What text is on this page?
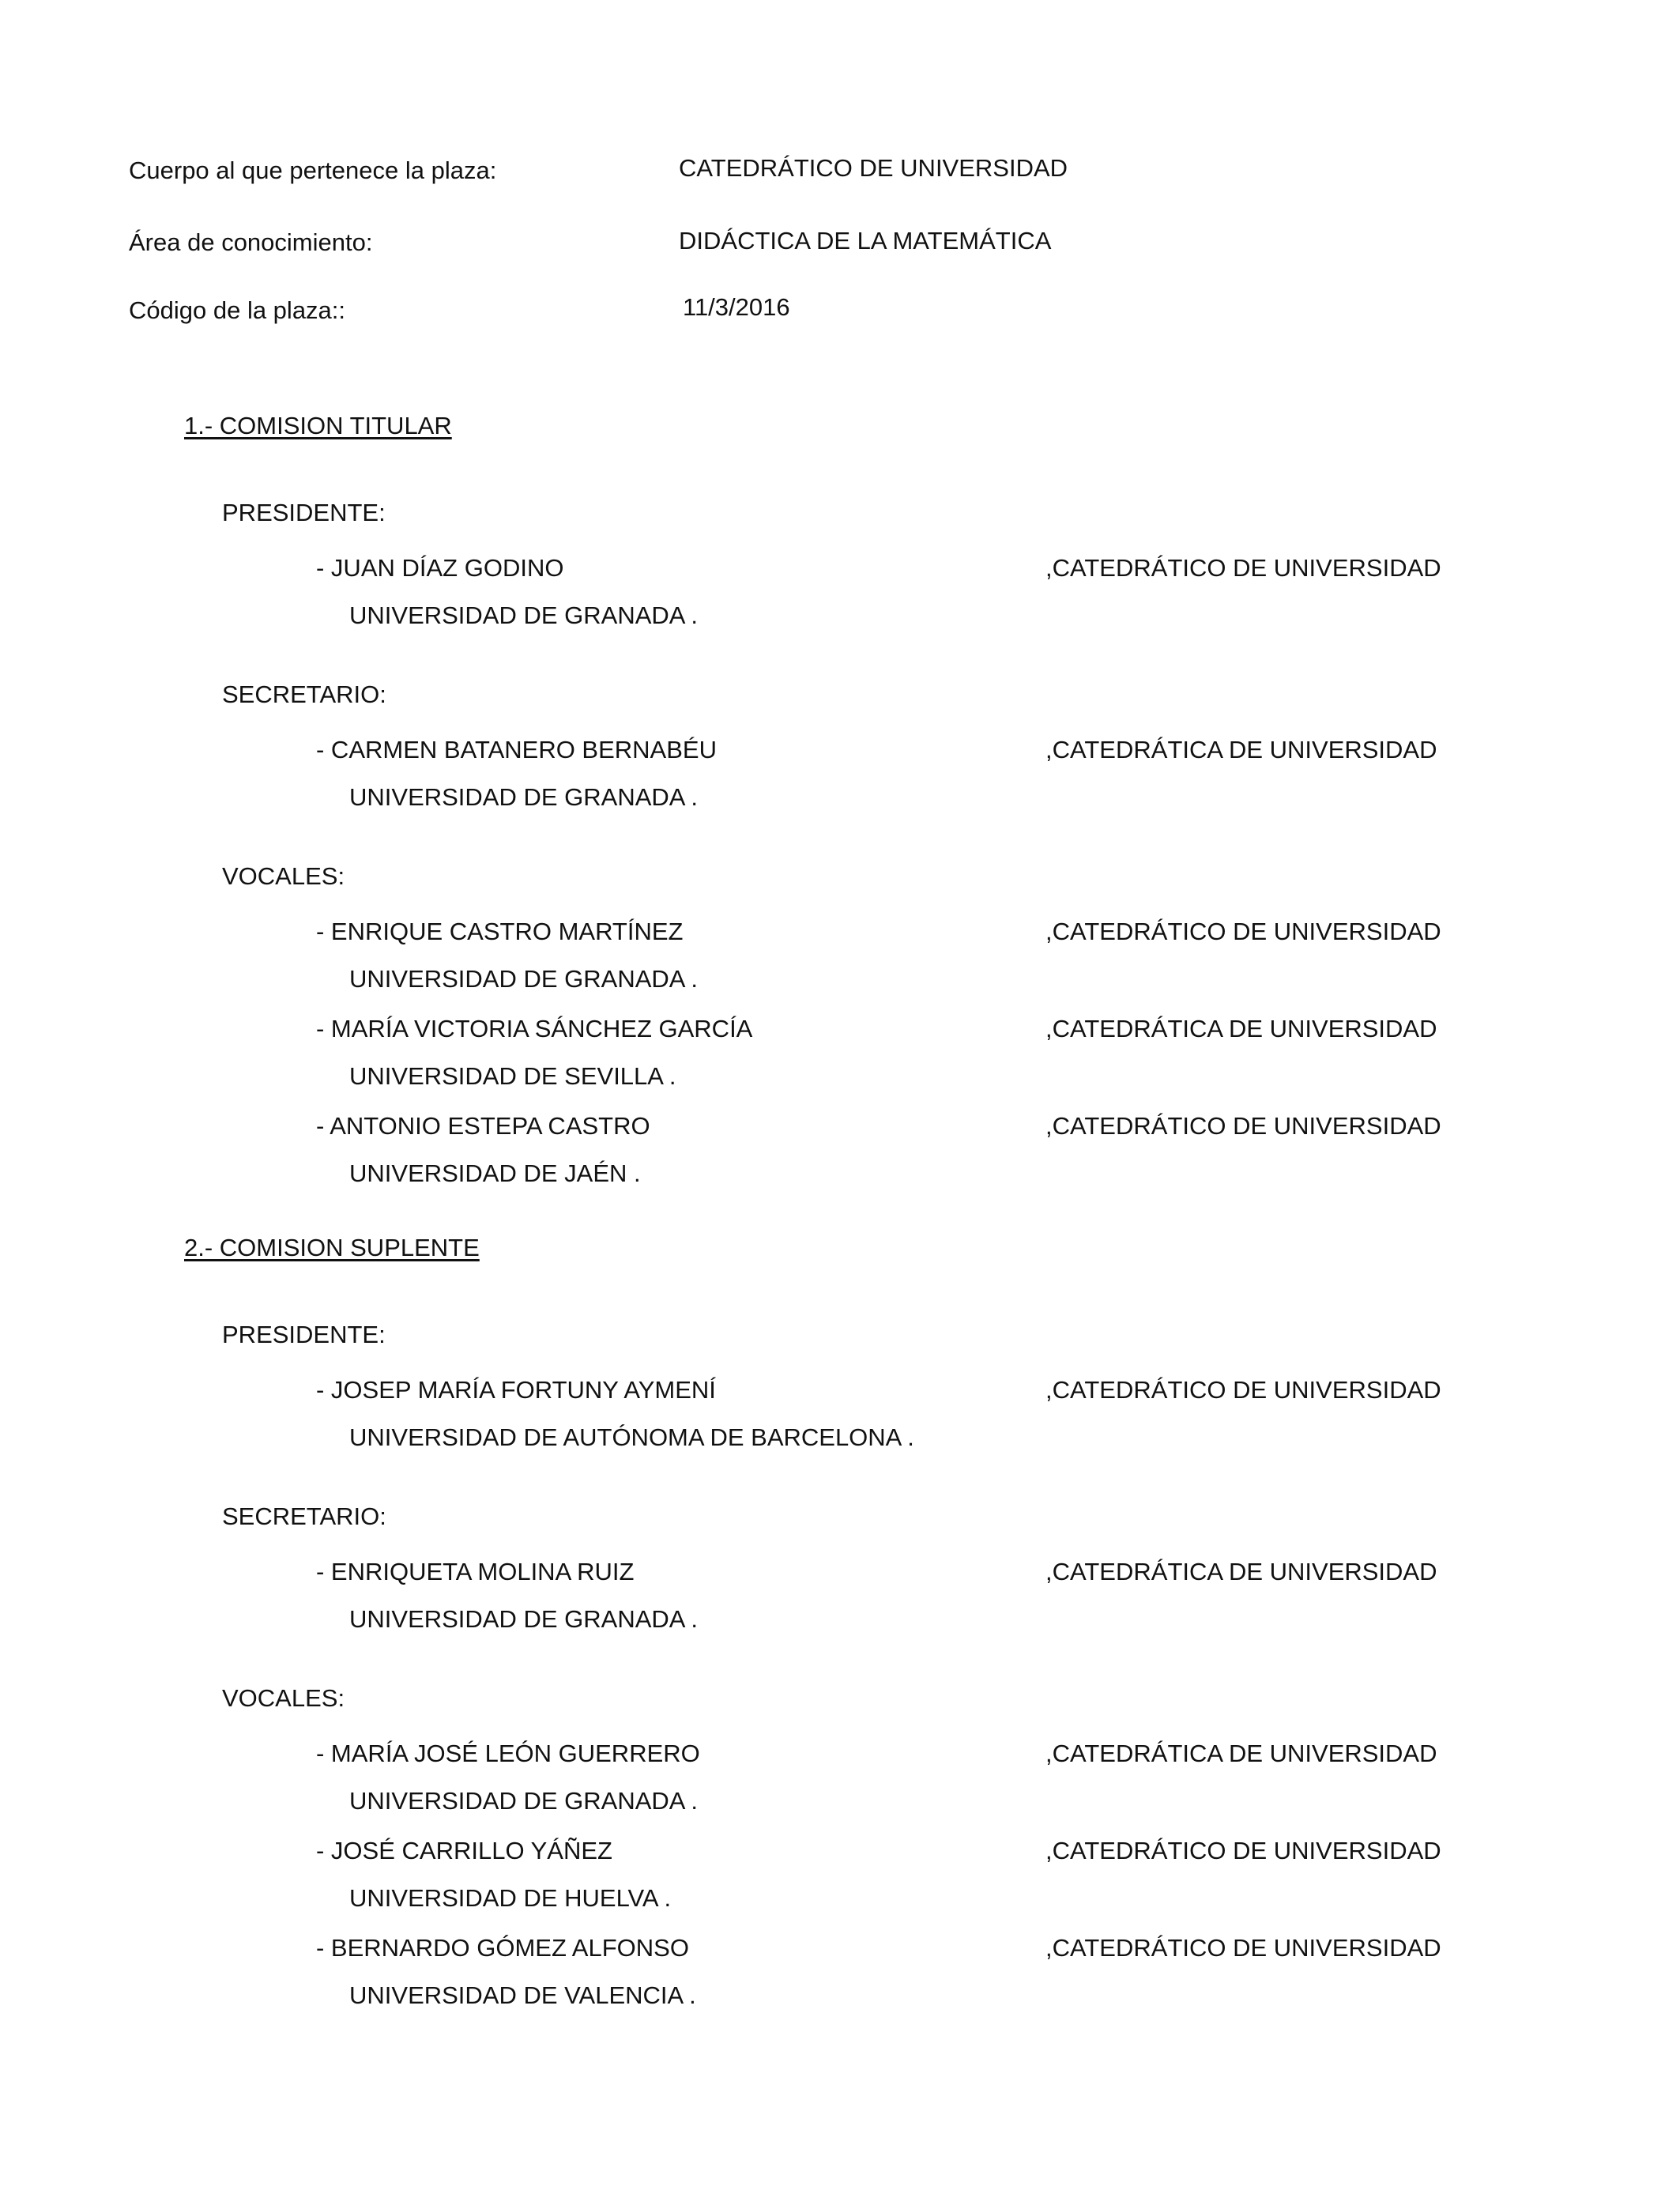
Cuerpo al que pertenece la plaza:	CATEDRÁTICO DE UNIVERSIDAD
Área de conocimiento:	DIDÁCTICA DE LA MATEMÁTICA
Código de la plaza::	11/3/2016
1.- COMISION TITULAR
PRESIDENTE:
- JUAN DÍAZ GODINO	,CATEDRÁTICO DE UNIVERSIDAD
UNIVERSIDAD DE GRANADA .
SECRETARIO:
- CARMEN BATANERO BERNABÉU	,CATEDRÁTICA DE UNIVERSIDAD
UNIVERSIDAD DE GRANADA .
VOCALES:
- ENRIQUE CASTRO MARTÍNEZ	,CATEDRÁTICO DE UNIVERSIDAD
UNIVERSIDAD DE GRANADA .
- MARÍA VICTORIA SÁNCHEZ GARCÍA	,CATEDRÁTICA DE UNIVERSIDAD
UNIVERSIDAD DE SEVILLA .
- ANTONIO ESTEPA CASTRO	,CATEDRÁTICO DE UNIVERSIDAD
UNIVERSIDAD DE JAÉN .
2.- COMISION SUPLENTE
PRESIDENTE:
- JOSEP MARÍA FORTUNY AYMENÍ	,CATEDRÁTICO DE UNIVERSIDAD
UNIVERSIDAD DE AUTÓNOMA DE BARCELONA .
SECRETARIO:
- ENRIQUETA MOLINA RUIZ	,CATEDRÁTICA DE UNIVERSIDAD
UNIVERSIDAD DE GRANADA .
VOCALES:
- MARÍA JOSÉ LEÓN GUERRERO	,CATEDRÁTICA DE UNIVERSIDAD
UNIVERSIDAD DE GRANADA .
- JOSÉ CARRILLO YÁÑEZ	,CATEDRÁTICO DE UNIVERSIDAD
UNIVERSIDAD DE HUELVA .
- BERNARDO GÓMEZ ALFONSO	,CATEDRÁTICO DE UNIVERSIDAD
UNIVERSIDAD DE VALENCIA .
